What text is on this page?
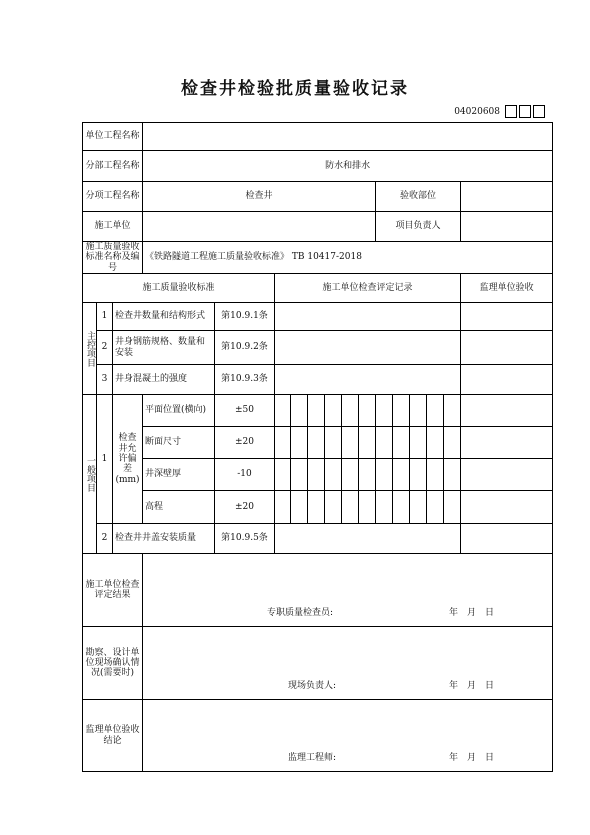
检查井检验批质量验收记录
04020608
单位工程名称																
分部工程名称			防水和排水													
分项工程名称			检查井								验收部位					
施工单位											项目负责人					
施工质量验收标准名称及编号			《铁路隧道工程施工质量验收标准》 TB 10417-2018													
施工质量验收标准					施工单位检查评定记录											监理单位验收

主控项目	1	检查井数量和结构形式		第10.9.1条												
	2	井身钢筋规格、数量和安装		第10.9.2条												
	3	井身混凝土的强度		第10.9.3条												

一般项目	1	检查井允许偏差(mm)	平面位置(横向)	±50												
			断面尺寸	±20												
			井深壁厚	-10												
			高程	±20												
	2	检查井井盖安装质量		第10.9.5条												
施工单位检查评定结果			专职质量检查员: 年　月　日													

勘察、设计单位现场确认情况(需要时)			现场负责人: 年　月　日													

监理单位验收结论			监理工程师: 年　月　日													
